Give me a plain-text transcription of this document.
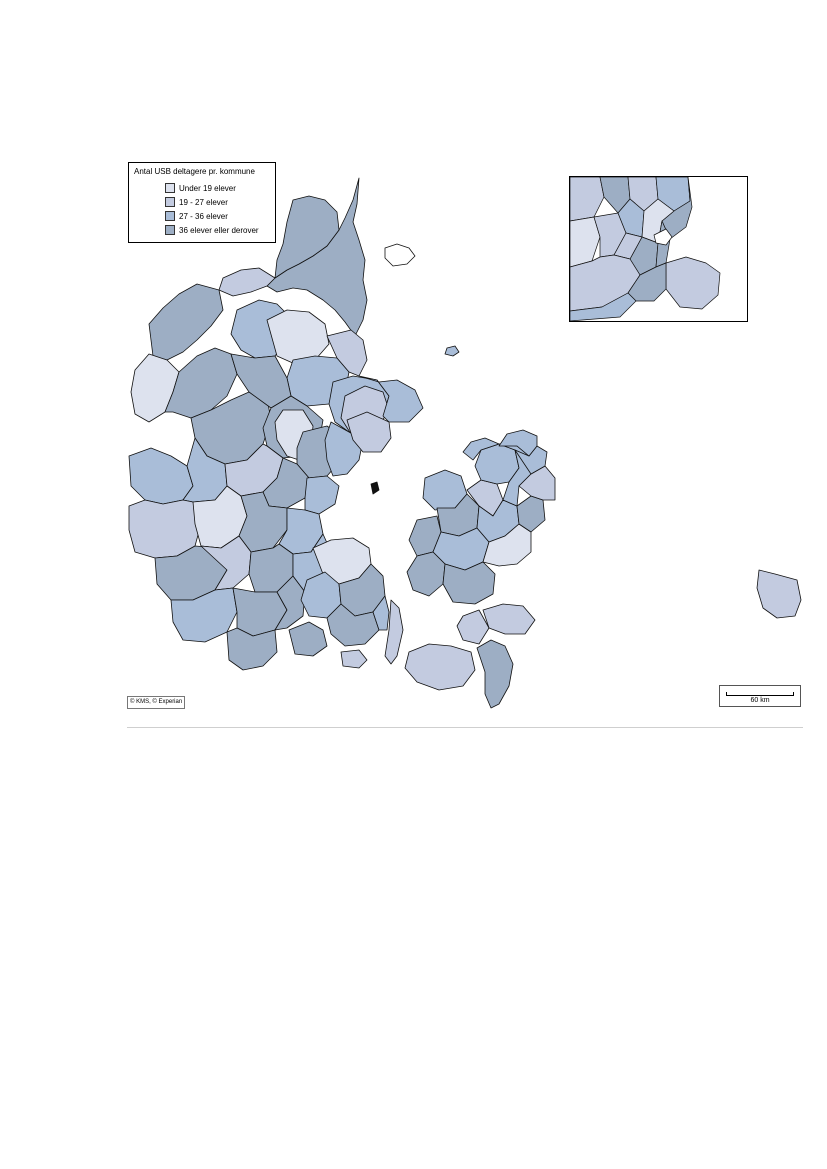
Antal USB deltagere pr. kommune
Under 19 elever
19 - 27 elever
27 - 36 elever
36 elever eller derover
© KMS, © Experian	60 km
